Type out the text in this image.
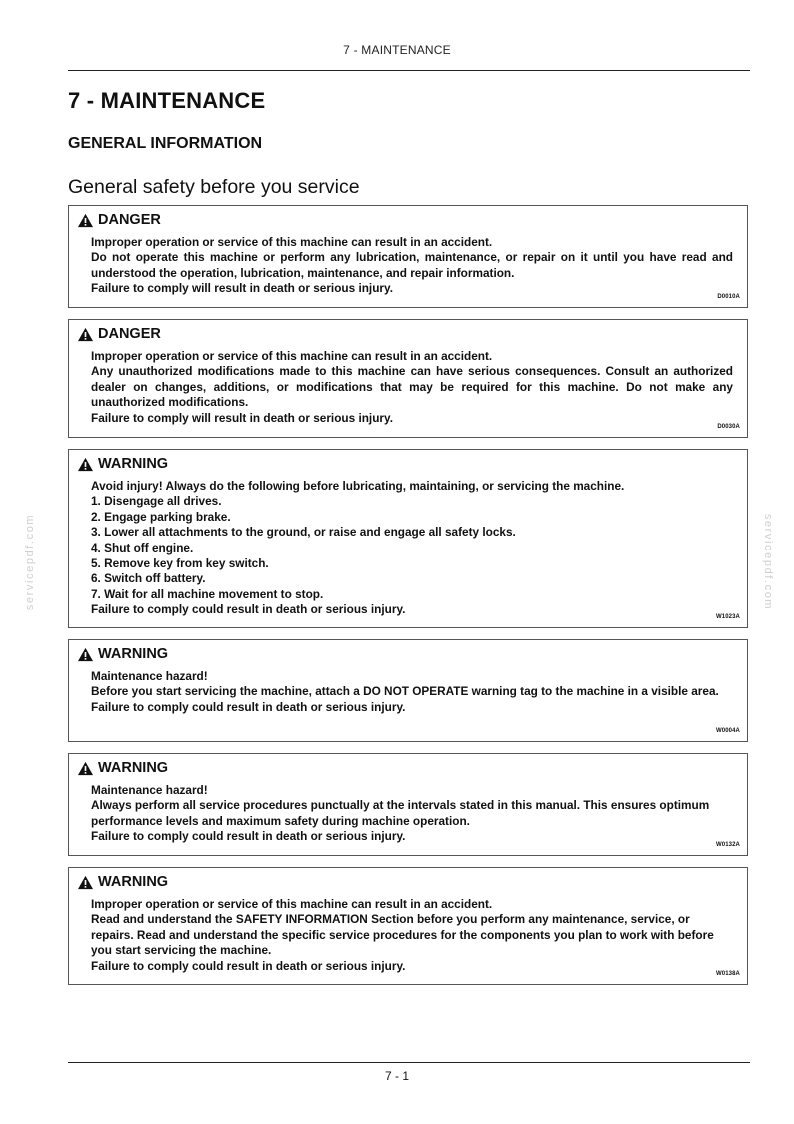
7 - MAINTENANCE
7 - MAINTENANCE
GENERAL INFORMATION
General safety before you service
DANGER
Improper operation or service of this machine can result in an accident.
Do not operate this machine or perform any lubrication, maintenance, or repair on it until you have read and understood the operation, lubrication, maintenance, and repair information.
Failure to comply will result in death or serious injury.
D0010A
DANGER
Improper operation or service of this machine can result in an accident.
Any unauthorized modifications made to this machine can have serious consequences. Consult an authorized dealer on changes, additions, or modifications that may be required for this machine. Do not make any unauthorized modifications.
Failure to comply will result in death or serious injury.
D0030A
WARNING
Avoid injury! Always do the following before lubricating, maintaining, or servicing the machine.
1. Disengage all drives.
2. Engage parking brake.
3. Lower all attachments to the ground, or raise and engage all safety locks.
4. Shut off engine.
5. Remove key from key switch.
6. Switch off battery.
7. Wait for all machine movement to stop.
Failure to comply could result in death or serious injury.
W1023A
WARNING
Maintenance hazard!
Before you start servicing the machine, attach a DO NOT OPERATE warning tag to the machine in a visible area.
Failure to comply could result in death or serious injury.
W0004A
WARNING
Maintenance hazard!
Always perform all service procedures punctually at the intervals stated in this manual. This ensures optimum performance levels and maximum safety during machine operation.
Failure to comply could result in death or serious injury.
W0132A
WARNING
Improper operation or service of this machine can result in an accident.
Read and understand the SAFETY INFORMATION Section before you perform any maintenance, service, or repairs. Read and understand the specific service procedures for the components you plan to work with before you start servicing the machine.
Failure to comply could result in death or serious injury.
W0138A
servicepdf.com	servicepdf.com
7 - 1
